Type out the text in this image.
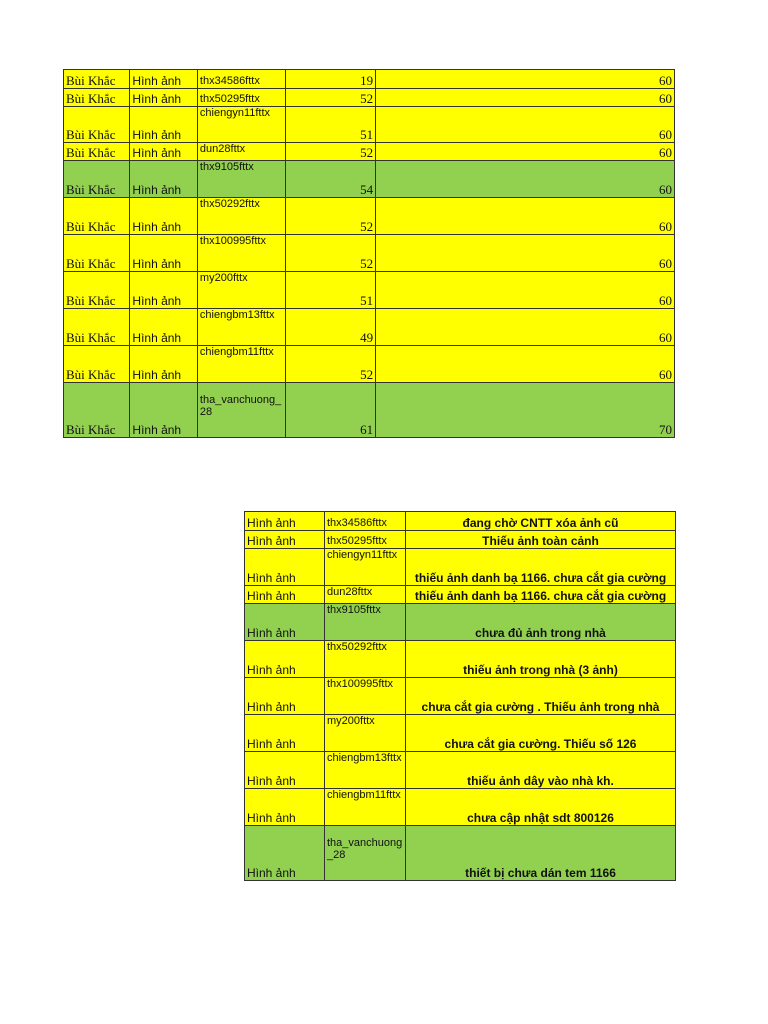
Bùi Khắc	Hình ảnh	thx34586fttx	19	60
Bùi Khắc	Hình ảnh	thx50295fttx	52	60
Bùi Khắc	Hình ảnh	chiengyn11fttx	51	60
Bùi Khắc	Hình ảnh	dun28fttx	52	60
Bùi Khắc	Hình ảnh	thx9105fttx	54	60
Bùi Khắc	Hình ảnh	thx50292fttx	52	60
Bùi Khắc	Hình ảnh	thx100995fttx	52	60
Bùi Khắc	Hình ảnh	my200fttx	51	60
Bùi Khắc	Hình ảnh	chiengbm13fttx	49	60
Bùi Khắc	Hình ảnh	chiengbm11fttx	52	60
Bùi Khắc	Hình ảnh	tha_vanchuong_28	61	70
Hình ảnh	thx34586fttx	đang chờ CNTT xóa ảnh cũ
Hình ảnh	thx50295fttx	Thiếu ảnh toàn cảnh
Hình ảnh	chiengyn11fttx	thiếu ảnh danh bạ 1166. chưa cắt gia cường
Hình ảnh	dun28fttx	thiếu ảnh danh bạ 1166. chưa cắt gia cường
Hình ảnh	thx9105fttx	chưa đủ ảnh trong nhà
Hình ảnh	thx50292fttx	thiếu ảnh trong nhà (3 ảnh)
Hình ảnh	thx100995fttx	chưa cắt gia cường . Thiếu ảnh trong nhà
Hình ảnh	my200fttx	chưa cắt gia cường. Thiếu số 126
Hình ảnh	chiengbm13fttx	thiếu ảnh dây vào nhà kh.
Hình ảnh	chiengbm11fttx	chưa cập nhật sdt 800126
Hình ảnh	tha_vanchuong_28	thiết bị chưa dán tem 1166
